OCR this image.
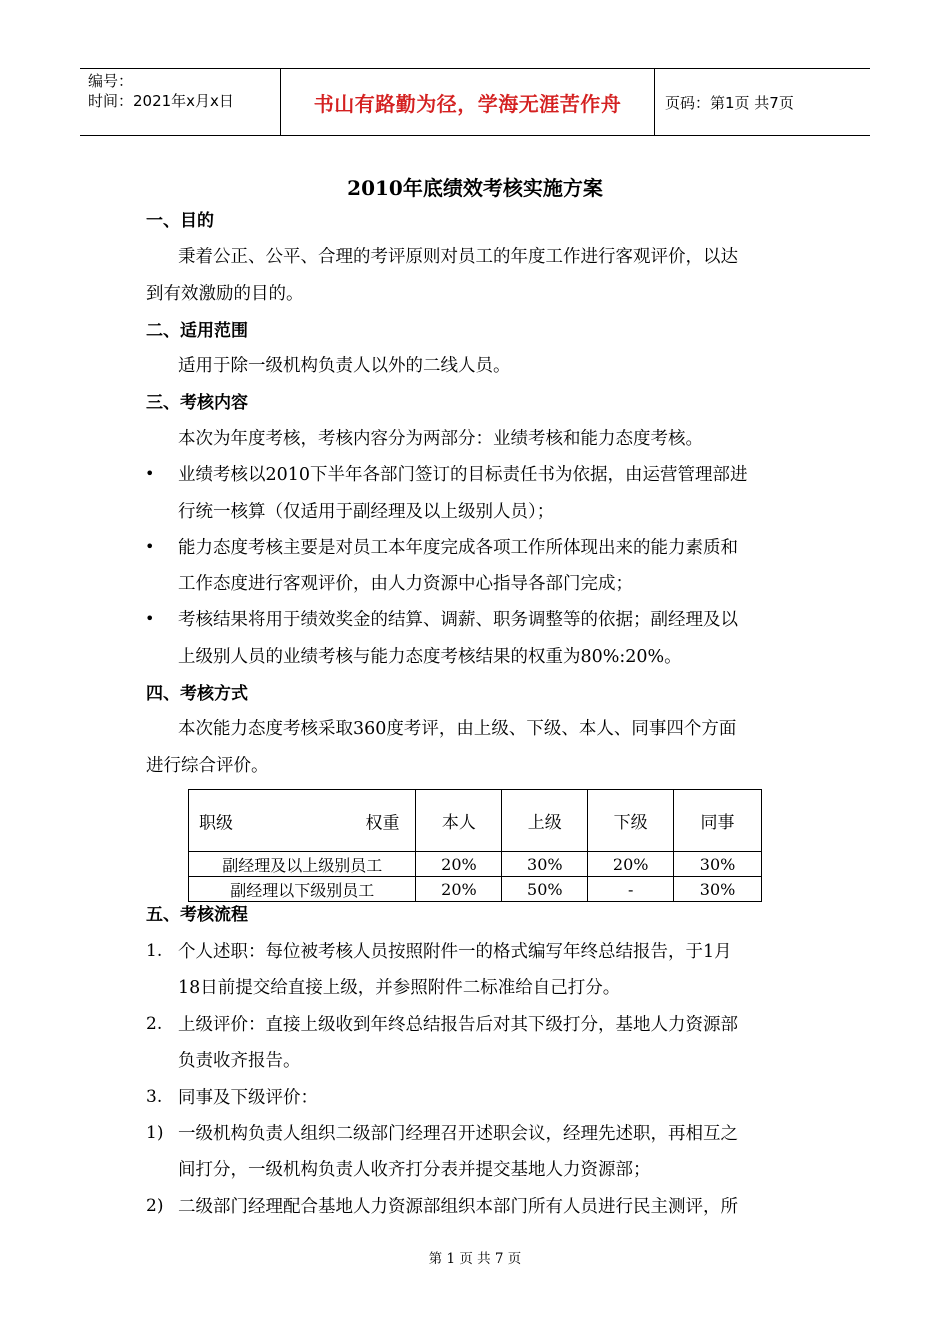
编号：
时间：2021年x月x日	书山有路勤为径，学海无涯苦作舟	页码：第1页 共7页
2010年底绩效考核实施方案
一、目的
秉着公正、公平、合理的考评原则对员工的年度工作进行客观评价，以达
到有效激励的目的。
二、适用范围
适用于除一级机构负责人以外的二线人员。
三、考核内容
本次为年度考核，考核内容分为两部分：业绩考核和能力态度考核。
• 业绩考核以2010下半年各部门签订的目标责任书为依据，由运营管理部进
行统一核算（仅适用于副经理及以上级别人员）；
• 能力态度考核主要是对员工本年度完成各项工作所体现出来的能力素质和
工作态度进行客观评价，由人力资源中心指导各部门完成；
• 考核结果将用于绩效奖金的结算、调薪、职务调整等的依据；副经理及以
上级别人员的业绩考核与能力态度考核结果的权重为80%:20%。
四、考核方式
本次能力态度考核采取360度考评，由上级、下级、本人、同事四个方面
进行综合评价。
职级 权重	本人	上级	下级	同事
副经理及以上级别员工	20%	30%	20%	30%
副经理以下级别员工	20%	50%	-	30%
五、考核流程
1. 个人述职：每位被考核人员按照附件一的格式编写年终总结报告，于1月
18日前提交给直接上级，并参照附件二标准给自己打分。
2. 上级评价：直接上级收到年终总结报告后对其下级打分，基地人力资源部
负责收齐报告。
3. 同事及下级评价：
1) 一级机构负责人组织二级部门经理召开述职会议，经理先述职，再相互之
间打分，一级机构负责人收齐打分表并提交基地人力资源部；
2) 二级部门经理配合基地人力资源部组织本部门所有人员进行民主测评，所
第 1 页 共 7 页
